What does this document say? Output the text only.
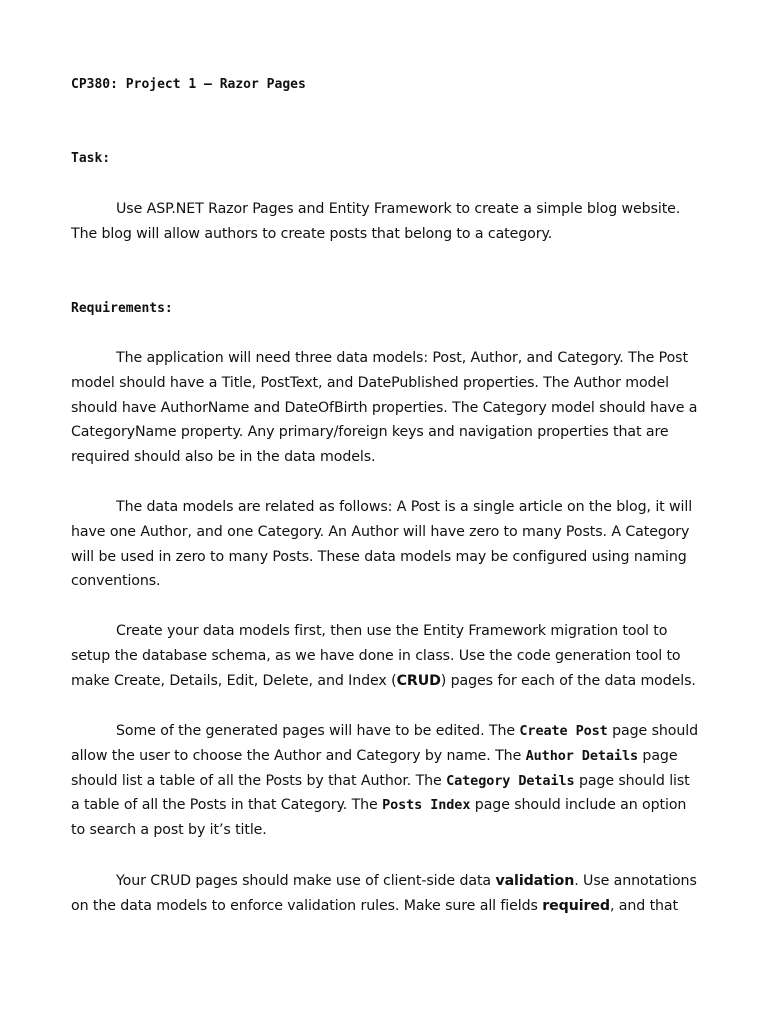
CP380: Project 1 – Razor Pages
Task:

Use ASP.NET Razor Pages and Entity Framework to create a simple blog website. The blog will allow authors to create posts that belong to a category.

Requirements:

The application will need three data models: Post, Author, and Category. The Post model should have a Title, PostText, and DatePublished properties. The Author model should have AuthorName and DateOfBirth properties. The Category model should have a CategoryName property. Any primary/foreign keys and navigation properties that are required should also be in the data models.

The data models are related as follows: A Post is a single article on the blog, it will have one Author, and one Category. An Author will have zero to many Posts. A Category will be used in zero to many Posts. These data models may be configured using naming conventions.

Create your data models first, then use the Entity Framework migration tool to setup the database schema, as we have done in class. Use the code generation tool to make Create, Details, Edit, Delete, and Index (CRUD) pages for each of the data models.

Some of the generated pages will have to be edited. The Create Post page should allow the user to choose the Author and Category by name. The Author Details page should list a table of all the Posts by that Author. The Category Details page should list a table of all the Posts in that Category. The Posts Index page should include an option to search a post by it’s title.

Your CRUD pages should make use of client-side data validation. Use annotations on the data models to enforce validation rules. Make sure all fields required, and that
